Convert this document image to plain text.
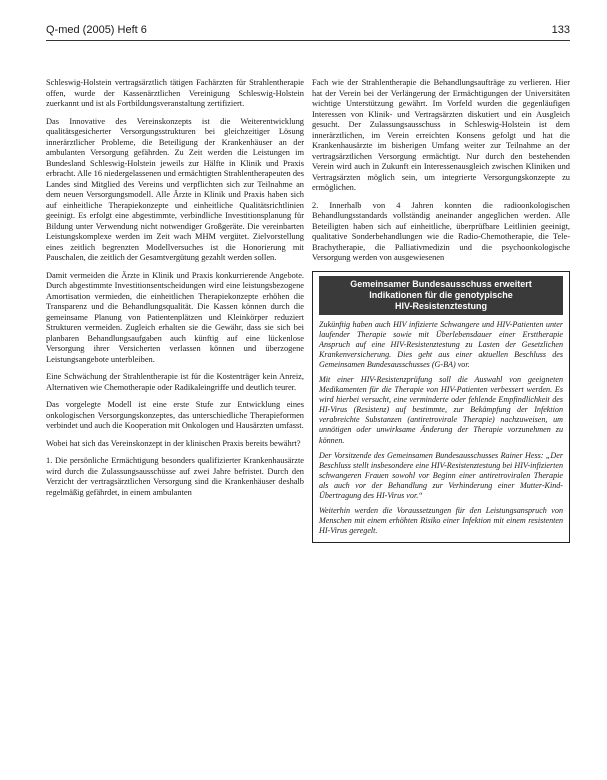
Q-med (2005) Heft 6	133

Schleswig-Holstein vertragsärztlich tätigen Fachärzten für Strahlentherapie offen, wurde der Kassenärztlichen Vereinigung Schleswig-Holstein zuerkannt und ist als Fortbildungsveranstaltung zertifiziert.

Das Innovative des Vereinskonzepts ist die Weiterentwicklung qualitätsgesicherter Versorgungsstrukturen bei gleichzeitiger Lösung innerärztlicher Probleme, die Beteiligung der Krankenhäuser an der ambulanten Versorgung gefährden. Zu Zeit werden die Leistungen im Bundesland Schleswig-Holstein jeweils zur Hälfte in Klinik und Praxis erbracht. Alle 16 niedergelassenen und ermächtigten Strahlentherapeuten des Landes sind Mitglied des Vereins und verpflichten sich zur Teilnahme an dem neuen Versorgungsmodell. Alle Ärzte in Klinik und Praxis haben sich auf einheitliche Therapiekonzepte und einheitliche Qualitätsrichtlinien geeinigt. Es erfolgt eine abgestimmte, verbindliche Investitionsplanung für Bildung unter Verwendung nicht notwendiger Großgeräte. Die vereinbarten Leistungskomplexe werden im Zeit wach MHM vergütet. Zielvorstellung eines zeitlich begrenzten Modellversuches ist die Honorierung mit Pauschalen, die zeitlich der Gesamtvergütung gezahlt werden sollen.

Damit vermeiden die Ärzte in Klinik und Praxis konkurrierende Angebote. Durch abgestimmte Investitionsentscheidungen wird eine leistungsbezogene Amortisation vermieden, die einheitlichen Therapiekonzepte erhöhen die Transparenz und die Behandlungsqualität. Die Kassen können durch die gemeinsame Planung von Patientenplätzen und Kleinkörper reduziert Strukturen vermeiden. Zugleich erhalten sie die Gewähr, dass sie sich bei planbaren Behandlungsaufgaben auch künftig auf eine lückenlose Versorgung ihrer Versicherten verlassen können und überzogene Leistungsangebote unterbleiben.

Eine Schwächung der Strahlentherapie ist für die Kostenträger kein Anreiz, Alternativen wie Chemotherapie oder Radikaleingriffe und deutlich teurer.

Das vorgelegte Modell ist eine erste Stufe zur Entwicklung eines onkologischen Versorgungskonzeptes, das unterschiedliche Therapieformen verbindet und auch die Kooperation mit Onkologen und Hausärzten umfasst.

Wobei hat sich das Vereinskonzept in der klinischen Praxis bereits bewährt?

1. Die persönliche Ermächtigung besonders qualifizierter Krankenhausärzte wird durch die Zulassungsausschüsse auf zwei Jahre befristet. Durch den Verzicht der vertragsärztlichen Versorgung sind die Krankenhäuser deshalb regelmäßig gefährdet, in einem ambulanten

Fach wie der Strahlentherapie die Behandlungsaufträge zu verlieren. Hier hat der Verein bei der Verlängerung der Ermächtigungen der Universitäten wichtige Unterstützung gewährt. Im Vorfeld wurden die gegenläufigen Interessen von Klinik- und Vertragsärzten diskutiert und ein Ausgleich gesucht. Der Zulassungsausschuss in Schleswig-Holstein ist dem innerärztlichen, im Verein erreichten Konsens gefolgt und hat die Krankenhausärzte im bisherigen Umfang weiter zur Teilnahme an der vertragsärztlichen Versorgung ermächtigt. Nur durch den bestehenden Verein wird auch in Zukunft ein Interessenausgleich zwischen Kliniken und Vertragsärzten möglich sein, um integrierte Versorgungskonzepte zu ermöglichen.

2. Innerhalb von 4 Jahren konnten die radioonkologischen Behandlungsstandards vollständig aneinander angeglichen werden. Alle Beteiligten haben sich auf einheitliche, überprüfbare Leitlinien geeinigt, qualitative Sonderbehandlungen wie die Radio-Chemotherapie, die Tele-Brachytherapie, die Palliativmedizin und die psychoonkologische Versorgung werden von ausgewiesenen

Gemeinsamer Bundesausschuss erweitert
Indikationen für die genotypische
HIV-Resistenztestung

Zukünftig haben auch HIV infizierte Schwangere und HIV-Patienten unter laufender Therapie sowie mit Überlebensdauer einer Ersttherapie Anspruch auf eine HIV-Resistenztestung zu Lasten der Gesetzlichen Krankenversicherung. Dies geht aus einer aktuellen Beschluss des Gemeinsamen Bundesausschusses (G-BA) vor.

Mit einer HIV-Resistenzprüfung soll die Auswahl von geeigneten Medikamenten für die Therapie von HIV-Patienten verbessert werden. Es wird hierbei versucht, eine verminderte oder fehlende Empfindlichkeit des HI-Virus (Resistenz) auf bestimmte, zur Bekämpfung der Infektion verabreichte Substanzen (antiretrovirale Therapie) nachzuweisen, um unnötigen oder unwirksame Änderung der Therapie vorzunehmen zu können.

Der Vorsitzende des Gemeinsamen Bundesausschusses Rainer Hess: „Der Beschluss stellt insbesondere eine HIV-Resistenztestung bei HIV-infizierten schwangeren Frauen sowohl vor Beginn einer antiretroviralen Therapie als auch vor der Behandlung zur Verhinderung einer Mutter-Kind-Übertragung des HI-Virus vor.“

Weiterhin werden die Voraussetzungen für den Leistungsanspruch von Menschen mit einem erhöhten Risiko einer Infektion mit einem resistenten HI-Virus geregelt.
